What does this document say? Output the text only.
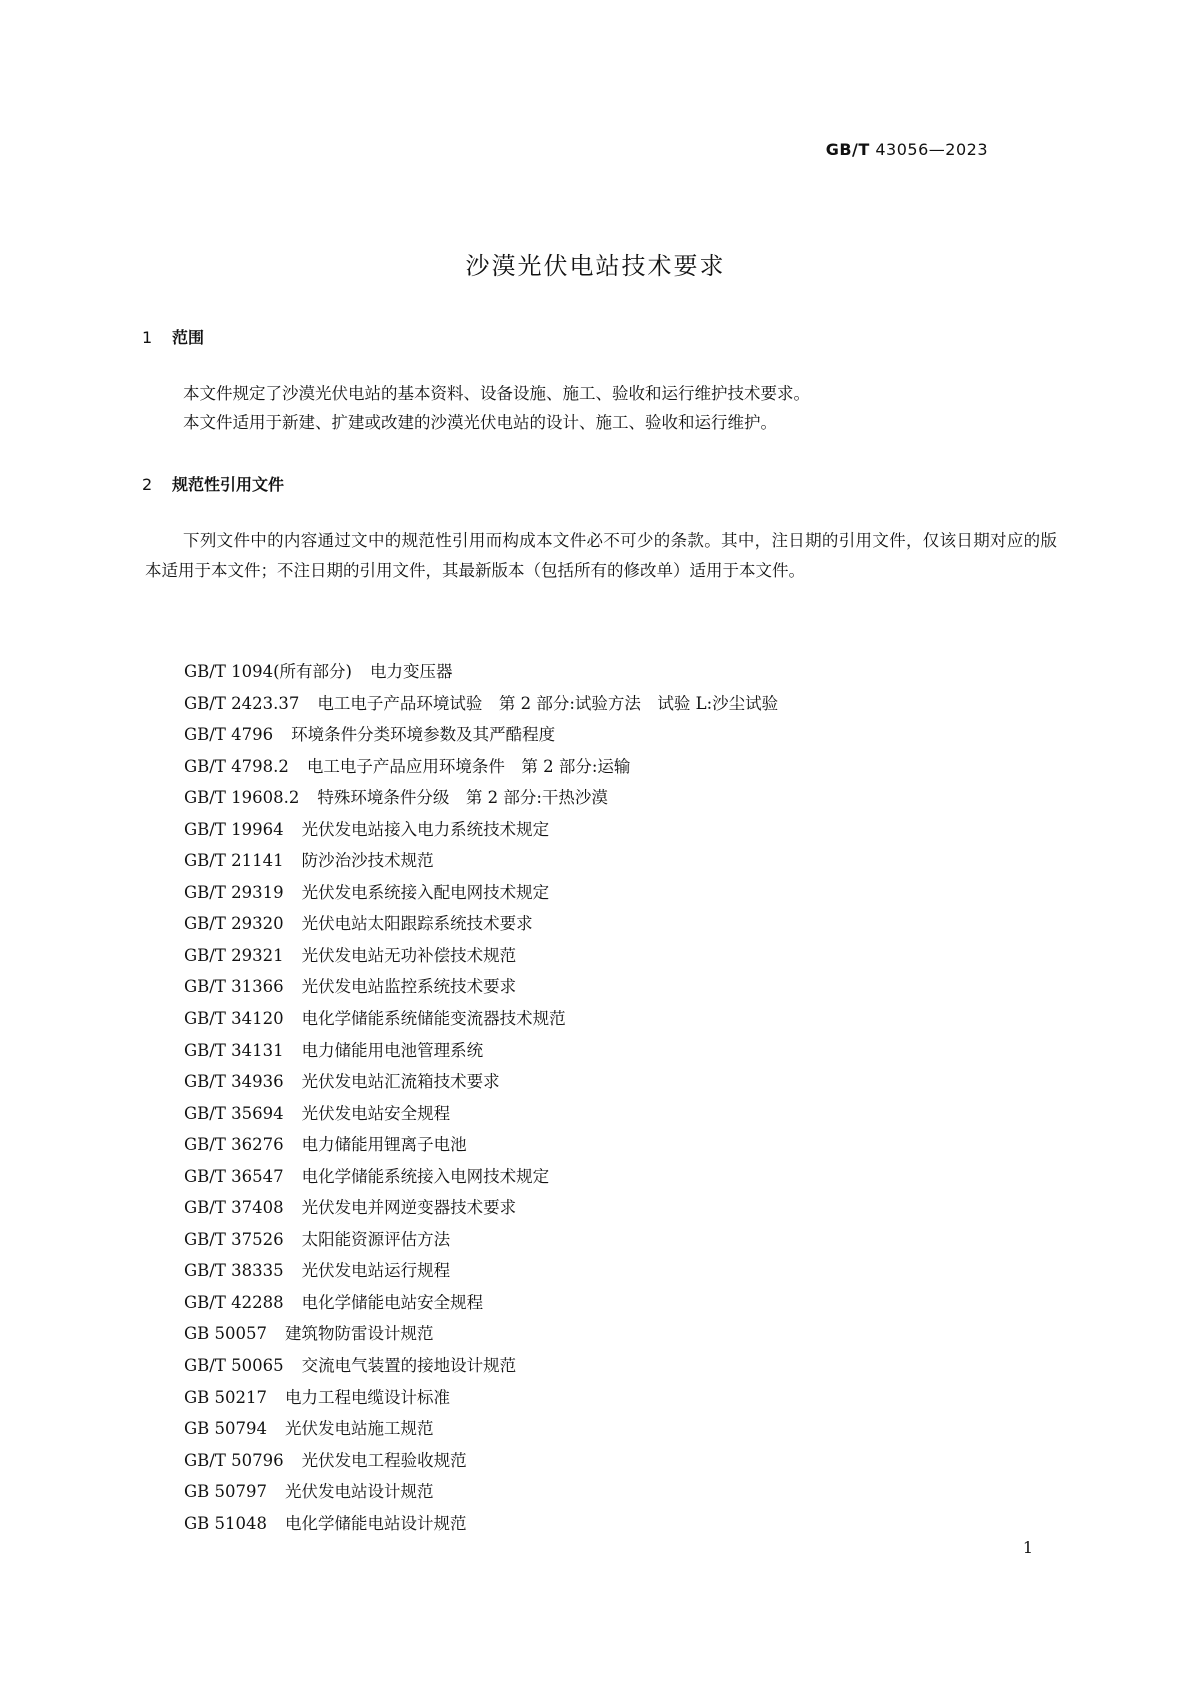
GB/T 43056—2023
沙漠光伏电站技术要求
1 范围
本文件规定了沙漠光伏电站的基本资料、设备设施、施工、验收和运行维护技术要求。
本文件适用于新建、扩建或改建的沙漠光伏电站的设计、施工、验收和运行维护。
2 规范性引用文件
下列文件中的内容通过文中的规范性引用而构成本文件必不可少的条款。其中，注日期的引用文件，仅该日期对应的版本适用于本文件；不注日期的引用文件，其最新版本（包括所有的修改单）适用于本文件。
GB/T 1094(所有部分) 电力变压器
GB/T 2423.37 电工电子产品环境试验　第 2 部分:试验方法　试验 L:沙尘试验
GB/T 4796 环境条件分类环境参数及其严酷程度
GB/T 4798.2 电工电子产品应用环境条件　第 2 部分:运输
GB/T 19608.2 特殊环境条件分级　第 2 部分:干热沙漠
GB/T 19964 光伏发电站接入电力系统技术规定
GB/T 21141 防沙治沙技术规范
GB/T 29319 光伏发电系统接入配电网技术规定
GB/T 29320 光伏电站太阳跟踪系统技术要求
GB/T 29321 光伏发电站无功补偿技术规范
GB/T 31366 光伏发电站监控系统技术要求
GB/T 34120 电化学储能系统储能变流器技术规范
GB/T 34131 电力储能用电池管理系统
GB/T 34936 光伏发电站汇流箱技术要求
GB/T 35694 光伏发电站安全规程
GB/T 36276 电力储能用锂离子电池
GB/T 36547 电化学储能系统接入电网技术规定
GB/T 37408 光伏发电并网逆变器技术要求
GB/T 37526 太阳能资源评估方法
GB/T 38335 光伏发电站运行规程
GB/T 42288 电化学储能电站安全规程
GB 50057 建筑物防雷设计规范
GB/T 50065 交流电气装置的接地设计规范
GB 50217 电力工程电缆设计标准
GB 50794 光伏发电站施工规范
GB/T 50796 光伏发电工程验收规范
GB 50797 光伏发电站设计规范
GB 51048 电化学储能电站设计规范
1
